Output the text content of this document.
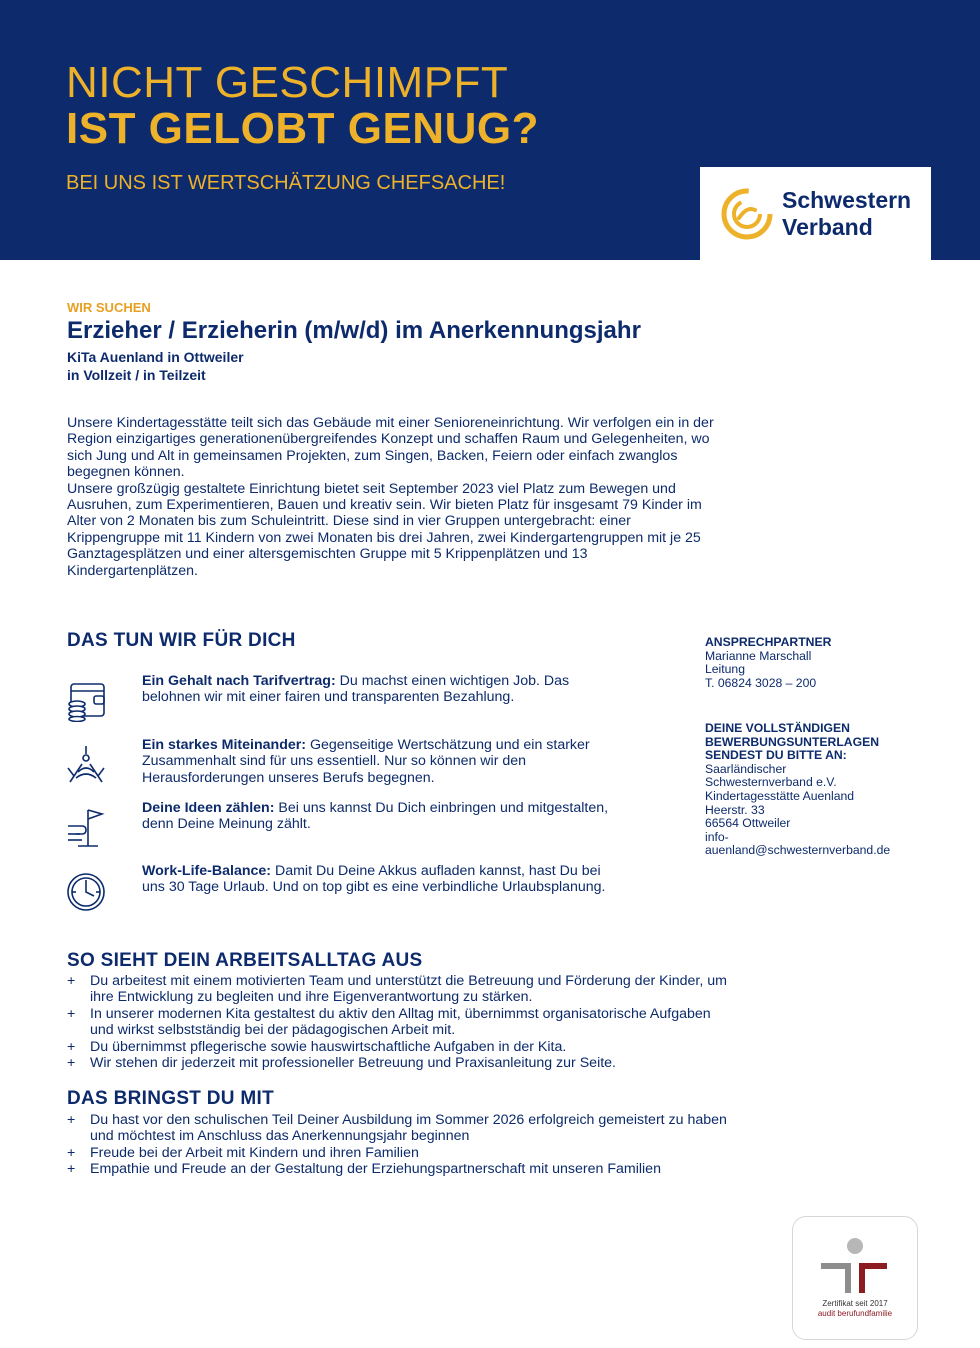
NICHT GESCHIMPFT
IST GELOBT GENUG?
BEI UNS IST WERTSCHÄTZUNG CHEFSACHE!
Schwestern
Verband
WIR SUCHEN
Erzieher / Erzieherin (m/w/d) im Anerkennungsjahr
KiTa Auenland in Ottweiler
in Vollzeit / in Teilzeit

Unsere Kindertagesstätte teilt sich das Gebäude mit einer Senioreneinrichtung. Wir verfolgen ein in der Region einzigartiges generationenübergreifendes Konzept und schaffen Raum und Gelegenheiten, wo sich Jung und Alt in gemeinsamen Projekten, zum Singen, Backen, Feiern oder einfach zwanglos begegnen können.

Unsere großzügig gestaltete Einrichtung bietet seit September 2023 viel Platz zum Bewegen und Ausruhen, zum Experimentieren, Bauen und kreativ sein. Wir bieten Platz für insgesamt 79 Kinder im Alter von 2 Monaten bis zum Schuleintritt. Diese sind in vier Gruppen untergebracht: einer Krippengruppe mit 11 Kindern von zwei Monaten bis drei Jahren, zwei Kindergartengruppen mit je 25 Ganztagesplätzen und einer altersgemischten Gruppe mit 5 Krippenplätzen und 13 Kindergartenplätzen.

DAS TUN WIR FÜR DICH
Ein Gehalt nach Tarifvertrag: Du machst einen wichtigen Job. Das belohnen wir mit einer fairen und transparenten Bezahlung.
Ein starkes Miteinander: Gegenseitige Wertschätzung und ein starker Zusammenhalt sind für uns essentiell. Nur so können wir den Herausforderungen unseres Berufs begegnen.
Deine Ideen zählen: Bei uns kannst Du Dich einbringen und mitgestalten, denn Deine Meinung zählt.
Work-Life-Balance: Damit Du Deine Akkus aufladen kannst, hast Du bei uns 30 Tage Urlaub. Und on top gibt es eine verbindliche Urlaubsplanung.
ANSPRECHPARTNER
Marianne Marschall
Leitung
T. 06824 3028 – 200
DEINE VOLLSTÄNDIGEN
BEWERBUNGSUNTERLAGEN
SENDEST DU BITTE AN:
Saarländischer
Schwesternverband e.V.
Kindertagesstätte Auenland
Heerstr. 33
66564 Ottweiler
info-
auenland@schwesternverband.de
SO SIEHT DEIN ARBEITSALLTAG AUS
+ Du arbeitest mit einem motivierten Team und unterstützt die Betreuung und Förderung der Kinder, um ihre Entwicklung zu begleiten und ihre Eigenverantwortung zu stärken.
+ In unserer modernen Kita gestaltest du aktiv den Alltag mit, übernimmst organisatorische Aufgaben und wirkst selbstständig bei der pädagogischen Arbeit mit.
+ Du übernimmst pflegerische sowie hauswirtschaftliche Aufgaben in der Kita.
+ Wir stehen dir jederzeit mit professioneller Betreuung und Praxisanleitung zur Seite.
DAS BRINGST DU MIT
+ Du hast vor den schulischen Teil Deiner Ausbildung im Sommer 2026 erfolgreich gemeistert zu haben und möchtest im Anschluss das Anerkennungsjahr beginnen
+ Freude bei der Arbeit mit Kindern und ihren Familien
+ Empathie und Freude an der Gestaltung der Erziehungspartnerschaft mit unseren Familien
Zertifikat seit 2017
audit berufundfamilie
